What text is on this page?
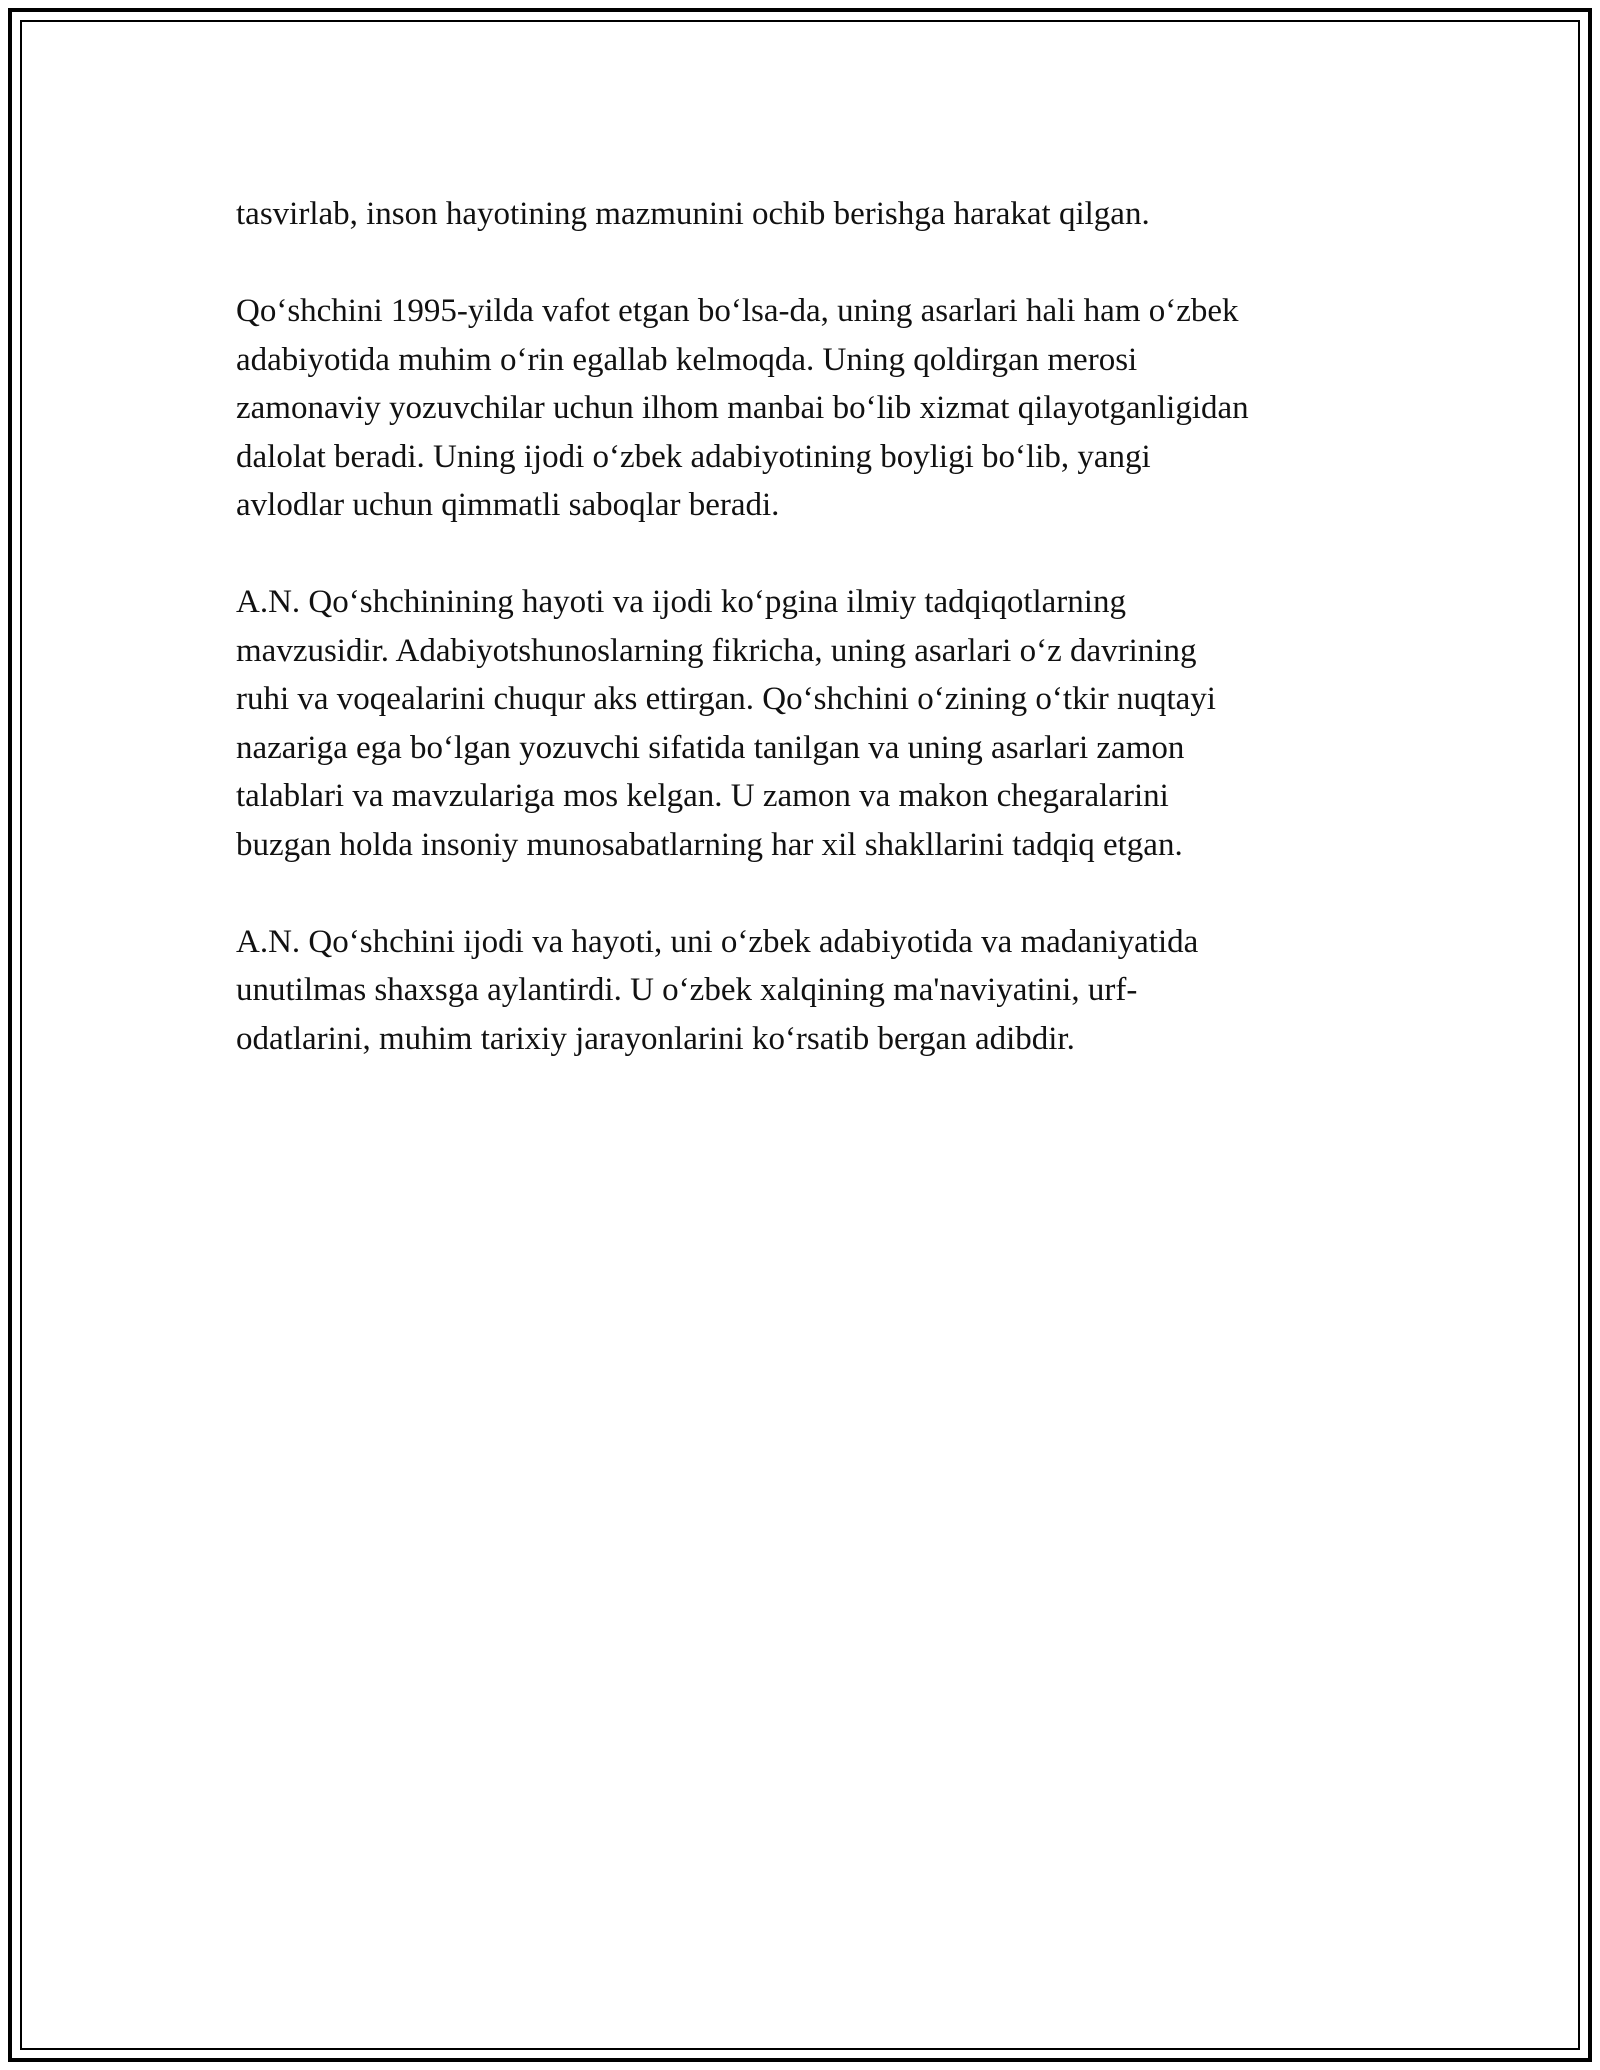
tasvirlab, inson hayotining mazmunini ochib berishga harakat qilgan.

Qo‘shchini 1995-yilda vafot etgan bo‘lsa-da, uning asarlari hali ham o‘zbek
adabiyotida muhim o‘rin egallab kelmoqda. Uning qoldirgan merosi
zamonaviy yozuvchilar uchun ilhom manbai bo‘lib xizmat qilayotganligidan
dalolat beradi. Uning ijodi o‘zbek adabiyotining boyligi bo‘lib, yangi
avlodlar uchun qimmatli saboqlar beradi.

A.N. Qo‘shchinining hayoti va ijodi ko‘pgina ilmiy tadqiqotlarning
mavzusidir. Adabiyotshunoslarning fikricha, uning asarlari o‘z davrining
ruhi va voqealarini chuqur aks ettirgan. Qo‘shchini o‘zining o‘tkir nuqtayi
nazariga ega bo‘lgan yozuvchi sifatida tanilgan va uning asarlari zamon
talablari va mavzulariga mos kelgan. U zamon va makon chegaralarini
buzgan holda insoniy munosabatlarning har xil shakllarini tadqiq etgan.

A.N. Qo‘shchini ijodi va hayoti, uni o‘zbek adabiyotida va madaniyatida
unutilmas shaxsga aylantirdi. U o‘zbek xalqining ma'naviyatini, urf-
odatlarini, muhim tarixiy jarayonlarini ko‘rsatib bergan adibdir.
